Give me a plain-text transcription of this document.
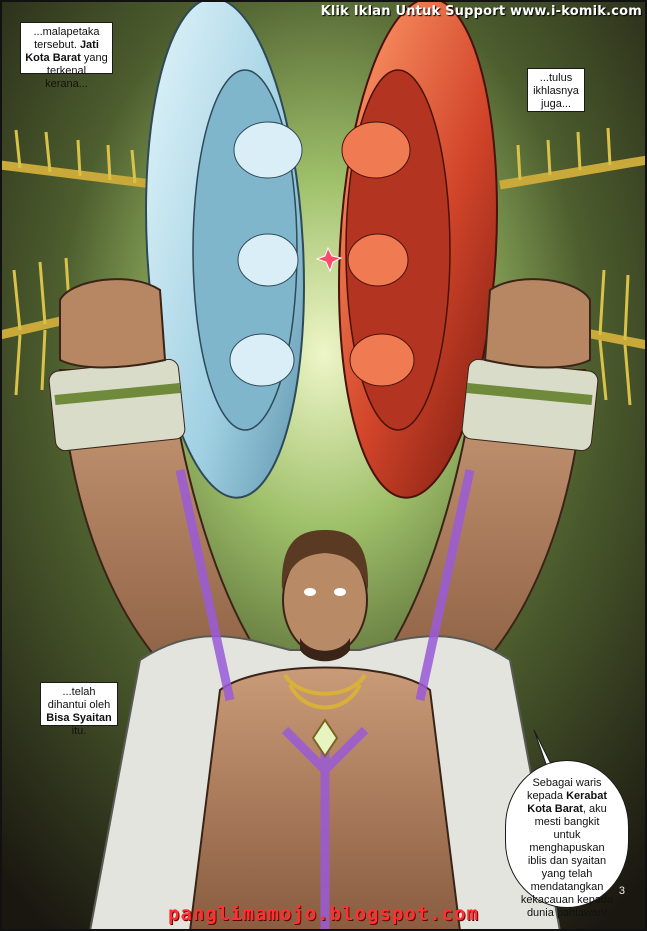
Klik Iklan Untuk Support www.i-komik.com
...malapetaka tersebut. Jati Kota Barat yang terkenal kerana...	...tulus ikhlasnya juga...
...telah dihantui oleh Bisa Syaitan itu.
Sebagai waris kepada Kerabat Kota Barat, aku mesti bangkit untuk menghapuskan iblis dan syaitan yang telah mendatangkan kekacauan kepada dunia pahlawan!
3
panglimamojo.blogspot.com
